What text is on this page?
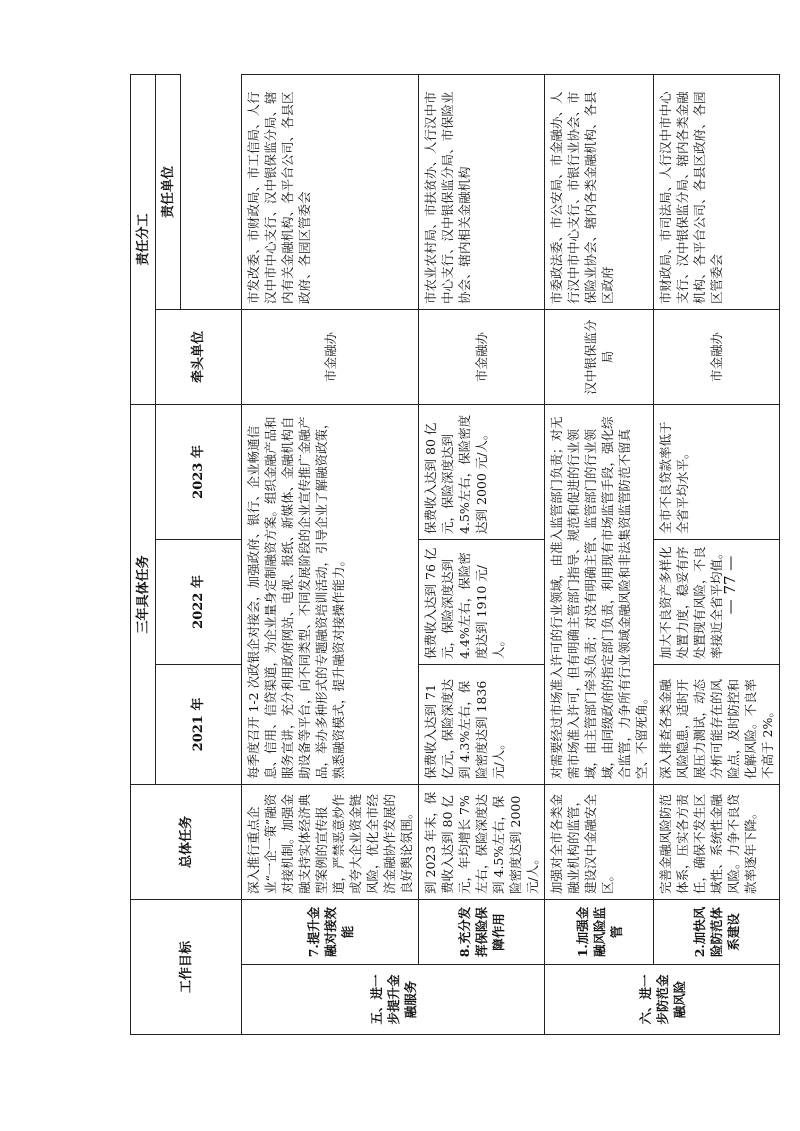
工作目标		总体任务	三年具体任务			责任分工	
			2021 年	2022 年	2023 年	牵头单位	责任单位

五、进一步提升金融服务	7.提升金融对接效能	深入推行重点企业“一企一策”融资对接机制。加强金融支持实体经济典型案例的宣传报道，严禁恶意炒作或夸大企业资金链风险，优化全市经济金融协作发展的良好舆论氛围。	每季度召开 1-2 次政银企对接会，加强政府、银行、企业畅通信息、信用、信贷渠道，为企业量身定制融资方案。组织金融产品和服务宣讲，充分利用政府网站、电视、报纸、新媒体、金融机构自助设备等平台，向不同类型、不同发展阶段的企业宣传推广金融产品，举办多种形式的专题融资培训活动，引导企业了解融资政策，熟悉融资模式，提升融资对接操作能力。			市金融办	市发改委、市财政局、市工信局、人行汉中市中心支行、汉中银保监分局、辖内有关金融机构、各平台公司、各县区政府、各园区管委会
	8.充分发挥保险保障作用	到 2023 年末，保费收入达到 80 亿元，年均增长 7%左右，保险深度达到 4.5%左右，保险密度达到 2000 元/人。	保费收入达到 71 亿元，保险深度达到 4.3%左右，保险密度达到 1836 元/人。	保费收入达到 76 亿元，保险深度达到 4.4%左右，保险密度达到 1910 元/人。	保费收入达到 80 亿元，保险深度达到 4.5%左右，保险密度达到 2000 元/人。	市金融办	市农业农村局、市扶贫办、人行汉中市中心支行、汉中银保监分局、市保险业协会、辖内相关金融机构
六、进一步防范金融风险	1.加强金融风险监管	加强对全市各类金融业机构的监管，建设汉中金融安全区。	对需要经过市场准入许可的行业领域，由准入监管部门负责；对无需市场准入许可，但有明确主管部门指导、规范和促进的行业领域，由主管部门牵头负责；对没有明确主管、监管部门的行业领域，由同级政府的指定部门负责，利用现有市场监管手段，强化综合监管，力争所有行业领域金融风险和非法集资监管防范不留真空、不留死角。			汉中银保监分局	市委政法委、市公安局、市金融办、人行汉中市中心支行、市银行业协会、市保险业协会、辖内各类金融机构、各县区政府
	2.加快风险防范体系建设	完善金融风险防范体系，压实各方责任，确保不发生区域性、系统性金融风险。力争不良贷款率逐年下降。	深入排查各类金融风险隐患，适时开展压力测试，动态分析可能存在的风险点，及时防控和化解风险。不良率不高于 2%。	加大不良资产多样化处置力度，稳妥有序处置现有风险，不良率接近全省平均值。	全市不良贷款率低于全省平均水平。	市金融办	市财政局、市司法局、人行汉中市中心支行、汉中银保监分局、辖内各类金融机构、各平台公司、各县区政府、各园区管委会
— 77 —
